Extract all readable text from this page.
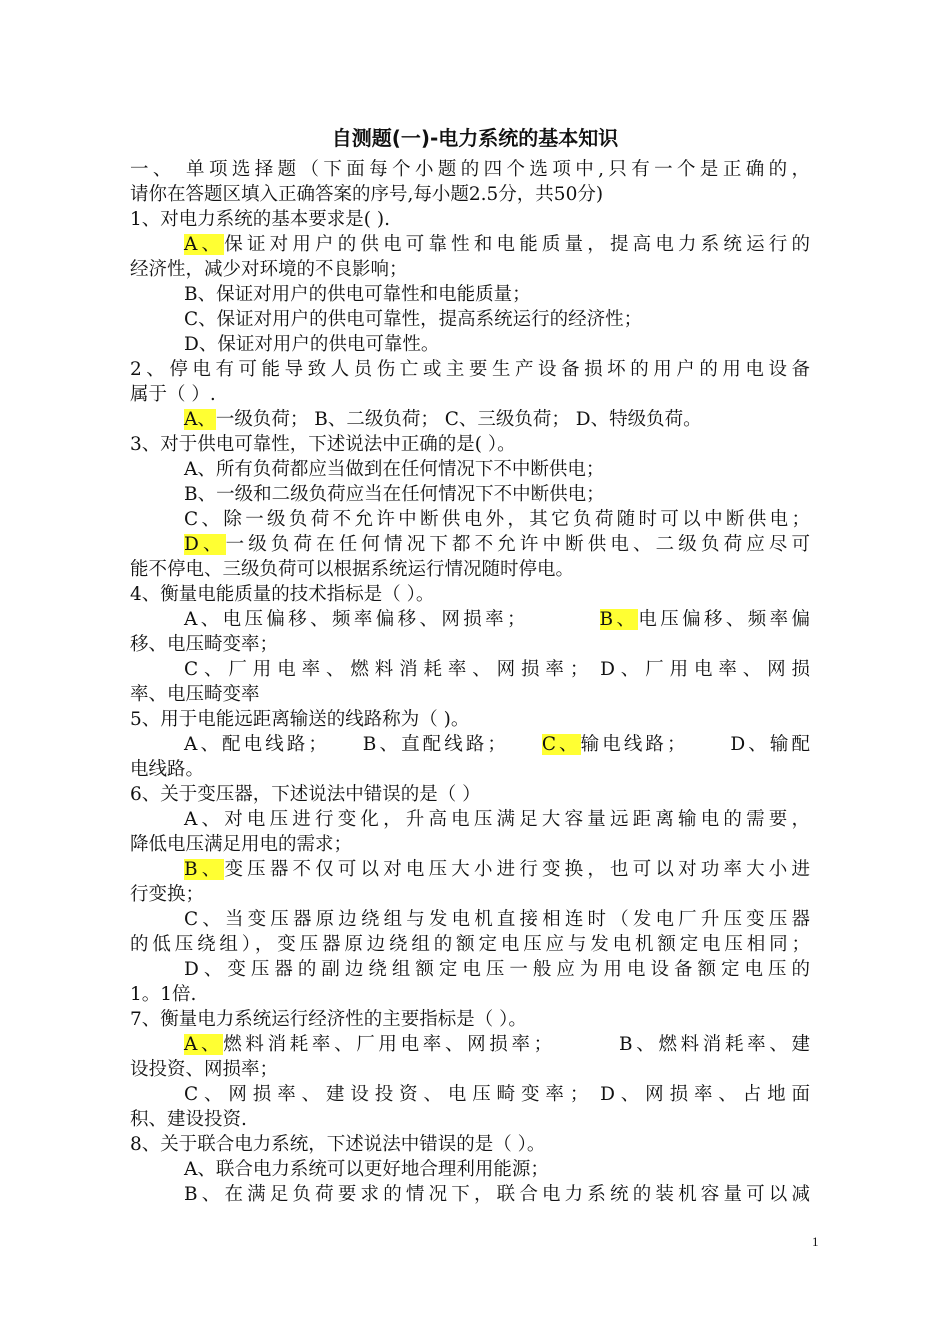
自测题(一)-电力系统的基本知识
一、 单项选择题（下面每个小题的四个选项中,只有一个是正确的，
请你在答题区填入正确答案的序号,每小题2.5分，共50分)
1、对电力系统的基本要求是( ).
A、保证对用户的供电可靠性和电能质量，提高电力系统运行的
经济性，减少对环境的不良影响；
B、保证对用户的供电可靠性和电能质量；
C、保证对用户的供电可靠性，提高系统运行的经济性；
D、保证对用户的供电可靠性。
2、停电有可能导致人员伤亡或主要生产设备损坏的用户的用电设备
属于（ ）.
A、一级负荷； B、二级负荷； C、三级负荷； D、特级负荷。
3、对于供电可靠性，下述说法中正确的是( ）。
A、所有负荷都应当做到在任何情况下不中断供电；
B、一级和二级负荷应当在任何情况下不中断供电；
C、除一级负荷不允许中断供电外，其它负荷随时可以中断供电；
D、一级负荷在任何情况下都不允许中断供电、二级负荷应尽可
能不停电、三级负荷可以根据系统运行情况随时停电。
4、衡量电能质量的技术指标是（ ）。
A、电压偏移、频率偏移、网损率；        B、电压偏移、频率偏
移、电压畸变率；
C、厂用电率、燃料消耗率、网损率； D、厂用电率、网损
率、电压畸变率
5、用于电能远距离输送的线路称为（ )。
A、配电线路；    B、直配线路；    C、输电线路；     D、输配
电线路。
6、关于变压器，下述说法中错误的是（ ）
A、对电压进行变化，升高电压满足大容量远距离输电的需要，
降低电压满足用电的需求；
B、变压器不仅可以对电压大小进行变换，也可以对功率大小进
行变换；
C、当变压器原边绕组与发电机直接相连时（发电厂升压变压器
的低压绕组），变压器原边绕组的额定电压应与发电机额定电压相同；
D、变压器的副边绕组额定电压一般应为用电设备额定电压的
1。1倍.
7、衡量电力系统运行经济性的主要指标是（ ）。
A、燃料消耗率、厂用电率、网损率；       B、燃料消耗率、建
设投资、网损率；
C、网损率、建设投资、电压畸变率； D、网损率、占地面
积、建设投资.
8、关于联合电力系统，下述说法中错误的是（ ）。
A、联合电力系统可以更好地合理利用能源；
B、在满足负荷要求的情况下，联合电力系统的装机容量可以减
1
